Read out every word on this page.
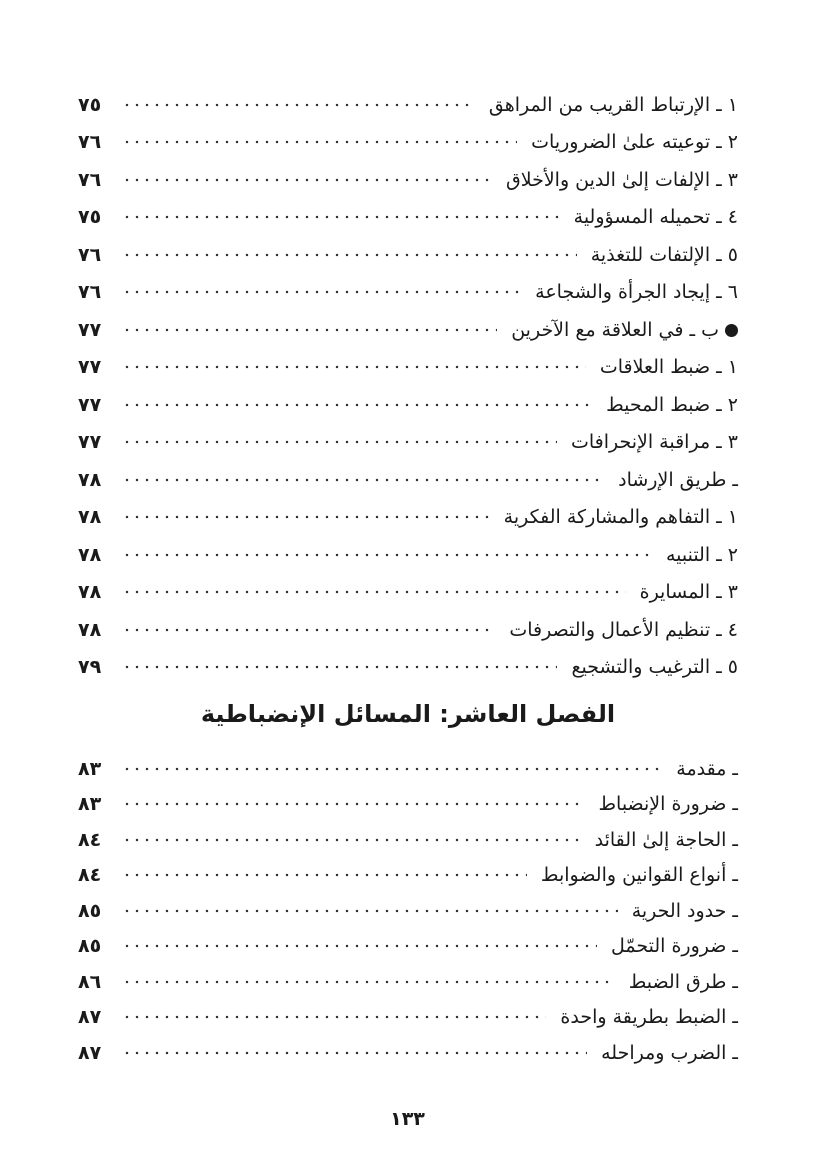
١ ـ الإرتباط القريب من المراهق
٧٥
٢ ـ توعيته علىٰ الضروريات
٧٦
٣ ـ الإلفات إلىٰ الدين والأخلاق
٧٦
٤ ـ تحميله المسؤولية
٧٥
٥ ـ الإلتفات للتغذية
٧٦
٦ ـ إيجاد الجرأة والشجاعة
٧٦
ب ـ في العلاقة مع الآخرين
٧٧
١ ـ ضبط العلاقات
٧٧
٢ ـ ضبط المحيط
٧٧
٣ ـ مراقبة الإنحرافات
٧٧
ـ طريق الإرشاد
٧٨
١ ـ التفاهم والمشاركة الفكرية
٧٨
٢ ـ التنبيه
٧٨
٣ ـ المسايرة
٧٨
٤ ـ تنظيم الأعمال والتصرفات
٧٨
٥ ـ الترغيب والتشجيع
٧٩
الفصل العاشر: المسائل الإنضباطية
ـ مقدمة
٨٣
ـ ضرورة الإنضباط
٨٣
ـ الحاجة إلىٰ القائد
٨٤
ـ أنواع القوانين والضوابط
٨٤
ـ حدود الحرية
٨٥
ـ ضرورة التحمّل
٨٥
ـ طرق الضبط
٨٦
ـ الضبط بطريقة واحدة
٨٧
ـ الضرب ومراحله
٨٧
١٣٣
